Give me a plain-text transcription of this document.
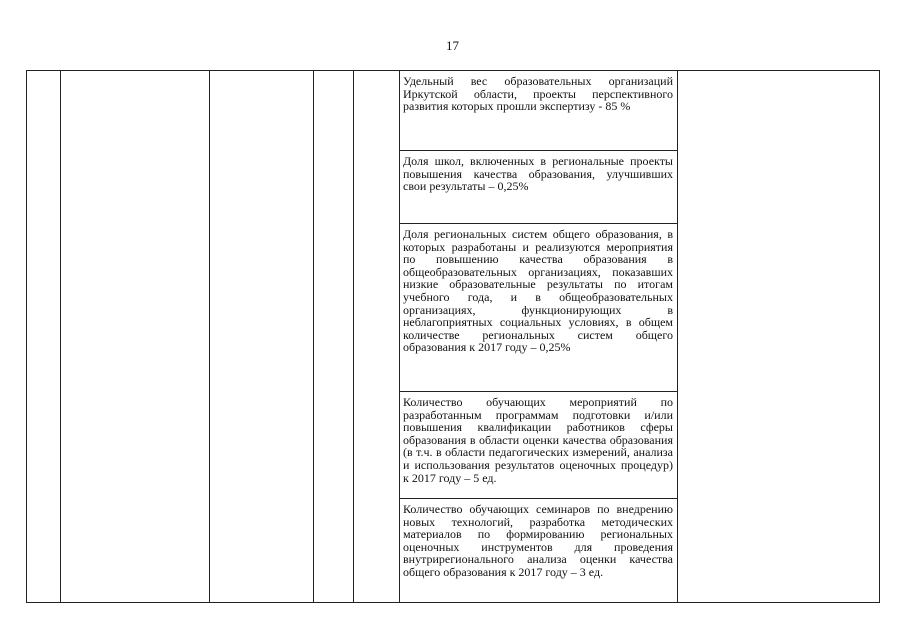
17
Удельный вес образовательных организаций Иркутской области, проекты перспективного развития которых прошли экспертизу - 85 %
Доля школ, включенных в региональные проекты повышения качества образования, улучшивших свои результаты – 0,25%
Доля региональных систем общего образования, в которых разработаны и реализуются мероприятия по повышению качества образования в общеобразовательных организациях, показавших низкие образовательные результаты по итогам учебного года, и в общеобразовательных организациях, функционирующих в неблагоприятных социальных условиях, в общем количестве региональных систем общего образования к 2017 году – 0,25%
Количество обучающих мероприятий по разработанным программам подготовки и/или повышения квалификации работников сферы образования в области оценки качества образования (в т.ч. в области педагогических измерений, анализа и использования результатов оценочных процедур) к 2017 году – 5 ед.
Количество обучающих семинаров по внедрению новых технологий, разработка методических материалов по формированию региональных оценочных инструментов для проведения внутрирегионального анализа оценки качества общего образования к 2017 году – 3 ед.
